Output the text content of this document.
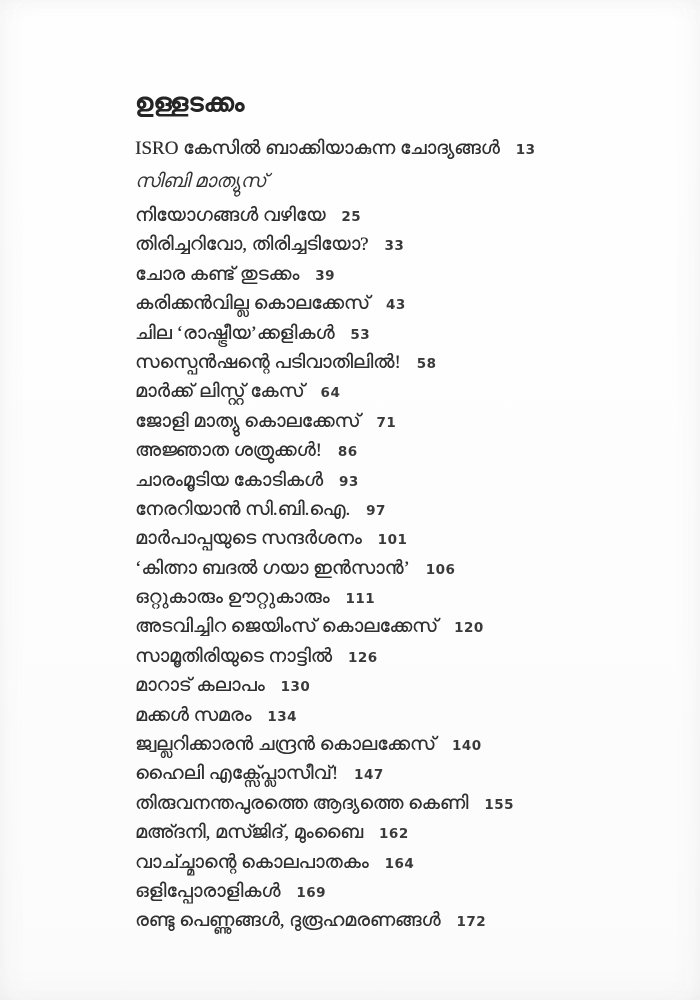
ഉള്ളടക്കം
ISRO കേസിൽ ബാക്കിയാകുന്ന ചോദ്യങ്ങൾ 13
സിബി മാത്യുസ്
നിയോഗങ്ങൾ വഴിയേ 25
തിരിച്ചറിവോ, തിരിച്ചടിയോ? 33
ചോര കണ്ട് തുടക്കം 39
കരിക്കൻവില്ല കൊലക്കേസ് 43
ചില ‘രാഷ്ട്രീയ’ക്കളികൾ 53
സസ്പെൻഷന്റെ പടിവാതിലിൽ! 58
മാർക്ക് ലിസ്റ്റ് കേസ് 64
ജോളി മാത്യു കൊലക്കേസ് 71
അജ്ഞാത ശത്രുക്കൾ! 86
ചാരംമൂടിയ കോടികൾ 93
നേരറിയാൻ സി.ബി.ഐ. 97
മാർപാപ്പയുടെ സന്ദർശനം 101
‘കിത്നാ ബദൽ ഗയാ ഇൻസാൻ’ 106
ഒറ്റുകാരും ഊറ്റുകാരും 111
അടവിച്ചിറ ജെയിംസ് കൊലക്കേസ് 120
സാമൂതിരിയുടെ നാട്ടിൽ 126
മാറാട് കലാപം 130
മക്കൾ സമരം 134
ജ്വല്ലറിക്കാരൻ ചന്ദ്രൻ കൊലക്കേസ് 140
ഹൈലി എക്സ്പ്ലോസീവ്! 147
തിരുവനന്തപുരത്തെ ആദ്യത്തെ കെണി 155
മഅ്ദനി, മസ്ജിദ്, മുംബൈ 162
വാച്ച്മാന്റെ കൊലപാതകം 164
ഒളിപ്പോരാളികൾ 169
രണ്ടു പെണ്ണുങ്ങൾ, ദുരൂഹമരണങ്ങൾ 172
